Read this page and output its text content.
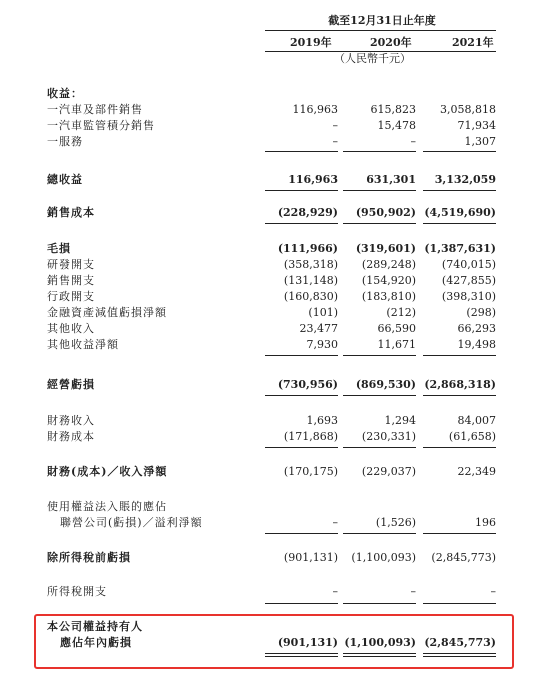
截至12月31日止年度
2019年	2020年	2021年
（人民幣千元）
收益：
一汽車及部件銷售	116,963	615,823	3,058,818
一汽車監管積分銷售	–	15,478	71,934
一服務	–	–	1,307
總收益	116,963	631,301	3,132,059
銷售成本	(228,929)	(950,902) (4,519,690)
毛損	(111,966)	(319,601) (1,387,631)
研發開支	(358,318)	(289,248)	(740,015)
銷售開支	(131,148)	(154,920)	(427,855)
行政開支	(160,830)	(183,810)	(398,310)
金融資產減值虧損淨額	(101)	(212)	(298)
其他收入	23,477	66,590	66,293
其他收益淨額	7,930	11,671	19,498
經營虧損	(730,956)	(869,530) (2,868,318)
財務收入	1,693	1,294	84,007
財務成本	(171,868)	(230,331)	(61,658)
財務(成本)／收入淨額	(170,175)	(229,037)	22,349
使用權益法入賬的應佔
聯營公司(虧損)／溢利淨額	–	(1,526)	196
除所得稅前虧損	(901,131)	(1,100,093)	(2,845,773)
所得稅開支	–	–	–
本公司權益持有人
應佔年內虧損	(901,131) (1,100,093) (2,845,773)
